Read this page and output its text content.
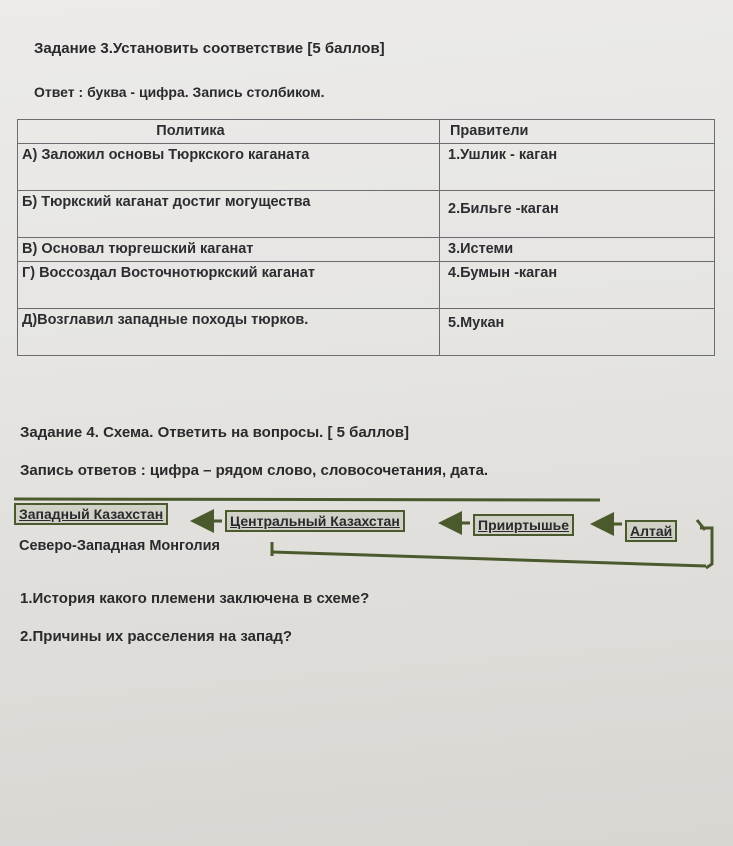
Задание 3.Установить соответствие [5 баллов]
Ответ : буква - цифра. Запись столбиком.
Политика	Правители
А) Заложил основы Тюркского каганата	1.Ушлик - каган
Б) Тюркский каганат достиг могущества	2.Бильге -каган
В) Основал тюргешский каганат	3.Истеми
Г) Воссоздал Восточнотюркский каганат	4.Бумын -каган
Д)Возглавил западные походы тюрков.	5.Мукан
Задание 4. Схема. Ответить на вопросы. [ 5 баллов]
Запись ответов : цифра – рядом слово, словосочетания, дата.
Западный Казахстан	Центральный Казахстан	Прииртышье	Алтай
Северо-Западная Монголия
1.История какого племени заключена в схеме?
2.Причины их расселения на запад?
